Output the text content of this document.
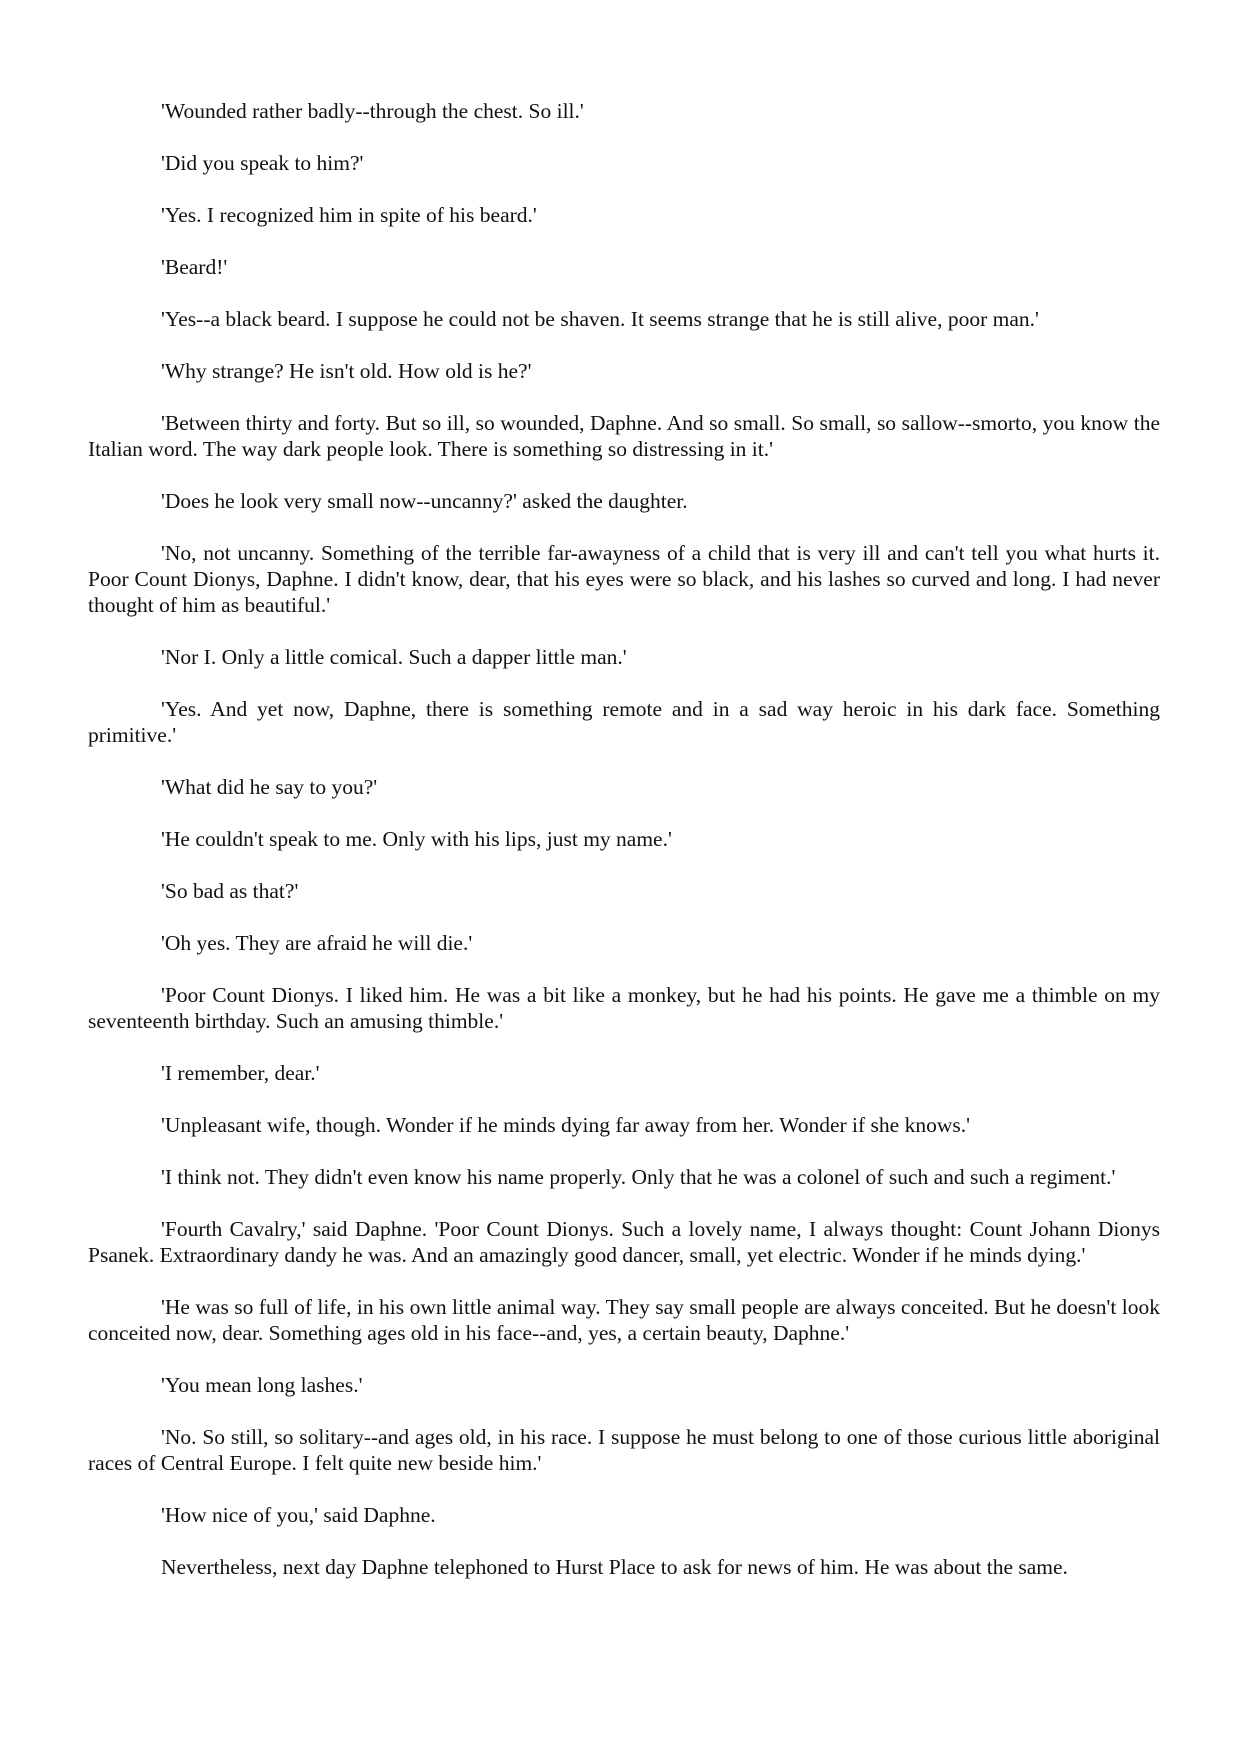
'Wounded rather badly--through the chest. So ill.'

'Did you speak to him?'

'Yes. I recognized him in spite of his beard.'

'Beard!'

'Yes--a black beard. I suppose he could not be shaven. It seems strange that he is still alive, poor man.'

'Why strange? He isn't old. How old is he?'

'Between thirty and forty. But so ill, so wounded, Daphne. And so small. So small, so sallow--smorto, you know the Italian word. The way dark people look. There is something so distressing in it.'

'Does he look very small now--uncanny?' asked the daughter.

'No, not uncanny. Something of the terrible far-awayness of a child that is very ill and can't tell you what hurts it. Poor Count Dionys, Daphne. I didn't know, dear, that his eyes were so black, and his lashes so curved and long. I had never thought of him as beautiful.'

'Nor I. Only a little comical. Such a dapper little man.'

'Yes. And yet now, Daphne, there is something remote and in a sad way heroic in his dark face. Something primitive.'

'What did he say to you?'

'He couldn't speak to me. Only with his lips, just my name.'

'So bad as that?'

'Oh yes. They are afraid he will die.'

'Poor Count Dionys. I liked him. He was a bit like a monkey, but he had his points. He gave me a thimble on my seventeenth birthday. Such an amusing thimble.'

'I remember, dear.'

'Unpleasant wife, though. Wonder if he minds dying far away from her. Wonder if she knows.'

'I think not. They didn't even know his name properly. Only that he was a colonel of such and such a regiment.'

'Fourth Cavalry,' said Daphne. 'Poor Count Dionys. Such a lovely name, I always thought: Count Johann Dionys Psanek. Extraordinary dandy he was. And an amazingly good dancer, small, yet electric. Wonder if he minds dying.'

'He was so full of life, in his own little animal way. They say small people are always conceited. But he doesn't look conceited now, dear. Something ages old in his face--and, yes, a certain beauty, Daphne.'

'You mean long lashes.'

'No. So still, so solitary--and ages old, in his race. I suppose he must belong to one of those curious little aboriginal races of Central Europe. I felt quite new beside him.'

'How nice of you,' said Daphne.

Nevertheless, next day Daphne telephoned to Hurst Place to ask for news of him. He was about the same.
